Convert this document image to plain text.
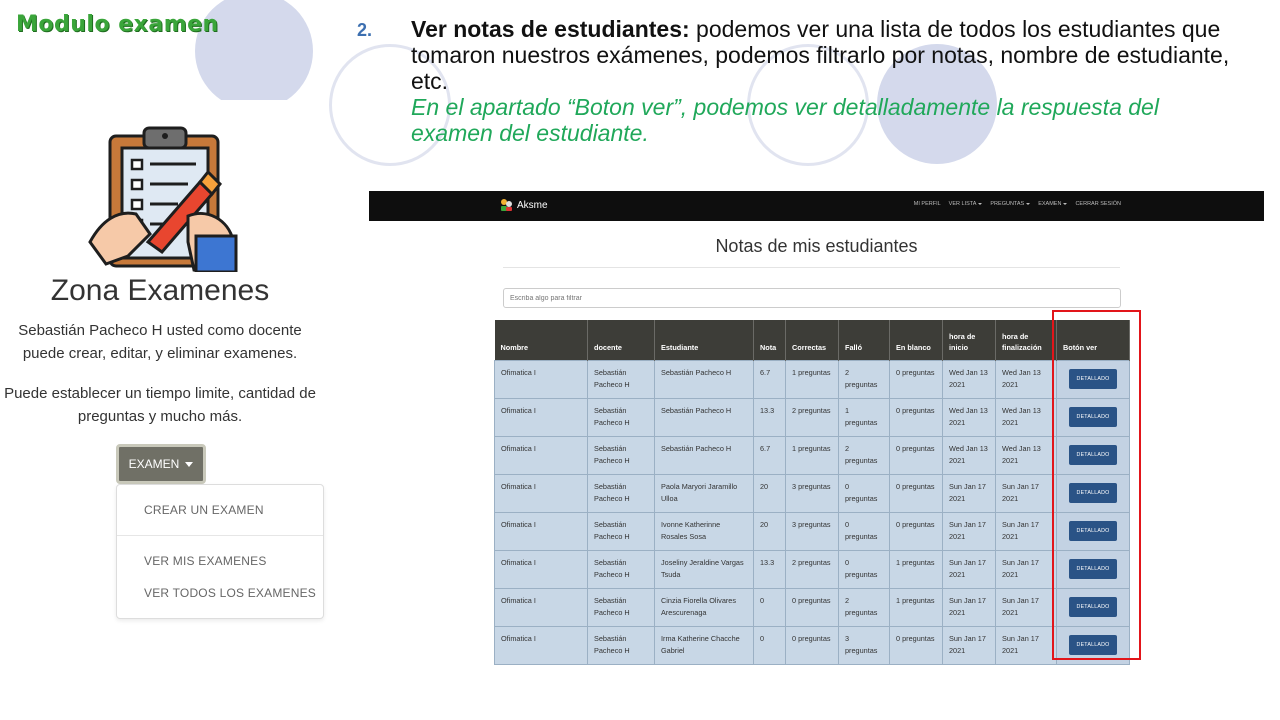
Modulo examen	2. Ver notas de estudiantes: podemos ver una lista de todos los estudiantes que tomaron nuestros exámenes, podemos filtrarlo por notas, nombre de estudiante, etc.
En el apartado “Boton ver”, podemos ver detalladamente la respuesta del examen del estudiante.
Zona Examenes
Sebastián Pacheco H usted como docente puede crear, editar, y eliminar examenes.
Puede establecer un tiempo limite, cantidad de preguntas y mucho más.
EXAMEN
CREAR UN EXAMEN
VER MIS EXAMENES
VER TODOS LOS EXAMENES
Aksme	MI PERFIL VER LISTA	PREGUNTAS	EXAMEN	CERRAR SESIÓN
Notas de mis estudiantes
Escriba algo para filtrar
Nombre	docente	Estudiante	Nota	Correctas	Falló	En blanco	hora de inicio	hora de finalización	Botón ver
Ofimatica I	Sebastián Pacheco H	Sebastián Pacheco H	6.7	1 preguntas	2 preguntas	0 preguntas	Wed Jan 13 2021	Wed Jan 13 2021	DETALLADO
Ofimatica I	Sebastián Pacheco H	Sebastián Pacheco H	13.3	2 preguntas	1 preguntas	0 preguntas	Wed Jan 13 2021	Wed Jan 13 2021	DETALLADO
Ofimatica I	Sebastián Pacheco H	Sebastián Pacheco H	6.7	1 preguntas	2 preguntas	0 preguntas	Wed Jan 13 2021	Wed Jan 13 2021	DETALLADO
Ofimatica I	Sebastián Pacheco H	Paola Maryori Jaramillo Ulloa	20	3 preguntas	0 preguntas	0 preguntas	Sun Jan 17 2021	Sun Jan 17 2021	DETALLADO
Ofimatica I	Sebastián Pacheco H	Ivonne Katherinne Rosales Sosa	20	3 preguntas	0 preguntas	0 preguntas	Sun Jan 17 2021	Sun Jan 17 2021	DETALLADO
Ofimatica I	Sebastián Pacheco H	Joseliny Jeraldine Vargas Tsuda	13.3	2 preguntas	0 preguntas	1 preguntas	Sun Jan 17 2021	Sun Jan 17 2021	DETALLADO
Ofimatica I	Sebastián Pacheco H	Cinzia Fiorella Olivares Arescurenaga	0	0 preguntas	2 preguntas	1 preguntas	Sun Jan 17 2021	Sun Jan 17 2021	DETALLADO
Ofimatica I	Sebastián Pacheco H	Irma Katherine Chacche Gabriel	0	0 preguntas	3 preguntas	0 preguntas	Sun Jan 17 2021	Sun Jan 17 2021	DETALLADO
